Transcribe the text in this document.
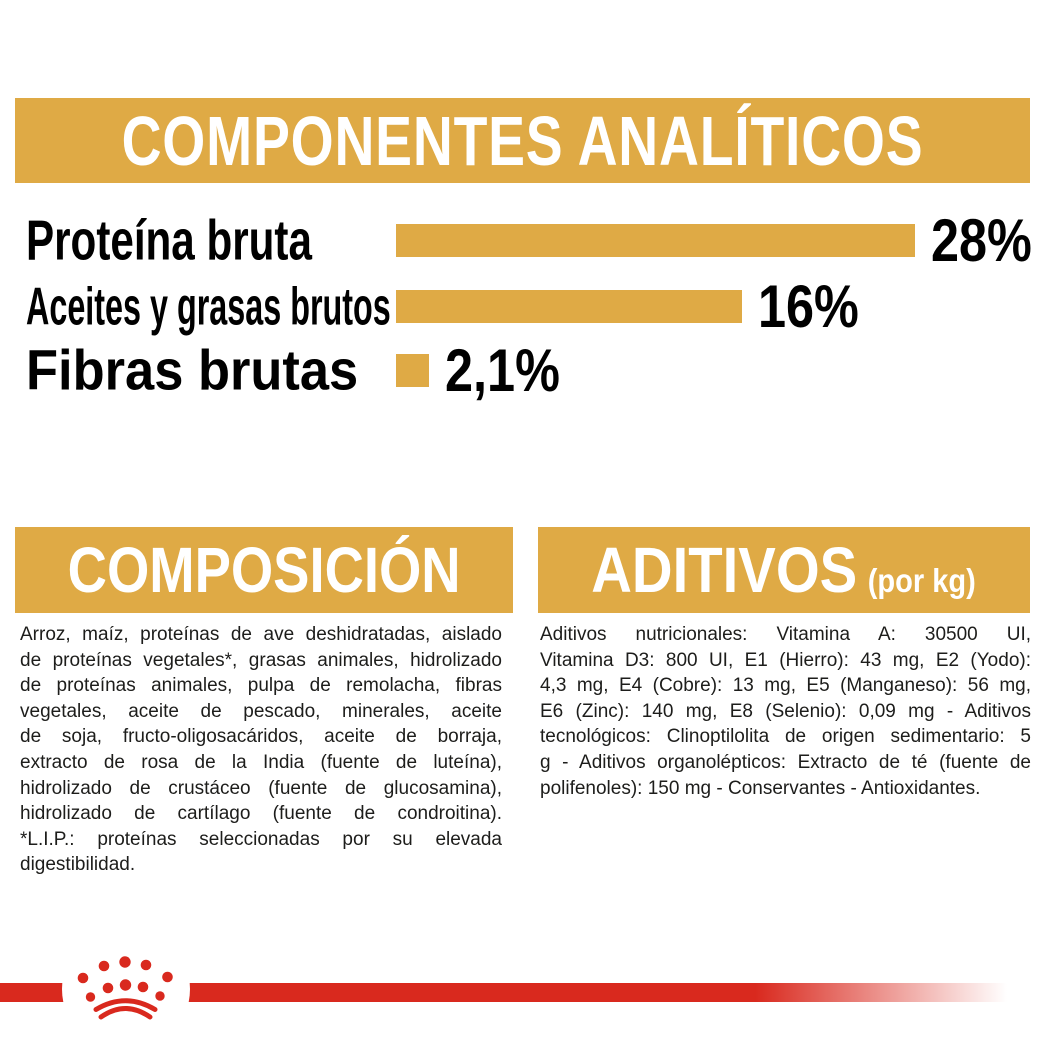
COMPONENTES ANALÍTICOS
Proteína bruta	28%
Aceites y grasas brutos	16%
Fibras brutas	2,1%
COMPOSICIÓN
Arroz, maíz, proteínas de ave deshidratadas, aislado
de proteínas vegetales*, grasas animales, hidrolizado
de proteínas animales, pulpa de remolacha, fibras
vegetales, aceite de pescado, minerales, aceite
de soja, fructo-oligosacáridos, aceite de borraja,
extracto de rosa de la India (fuente de luteína),
hidrolizado de crustáceo (fuente de glucosamina),
hidrolizado de cartílago (fuente de condroitina).
*L.I.P.: proteínas seleccionadas por su elevada
digestibilidad.
ADITIVOS (por kg)
Aditivos nutricionales: Vitamina A: 30500 UI,
Vitamina D3: 800 UI, E1 (Hierro): 43 mg, E2 (Yodo):
4,3 mg, E4 (Cobre): 13 mg, E5 (Manganeso): 56 mg,
E6 (Zinc): 140 mg, E8 (Selenio): 0,09 mg - Aditivos
tecnológicos: Clinoptilolita de origen sedimentario: 5
g - Aditivos organolépticos: Extracto de té (fuente de
polifenoles): 150 mg - Conservantes - Antioxidantes.
